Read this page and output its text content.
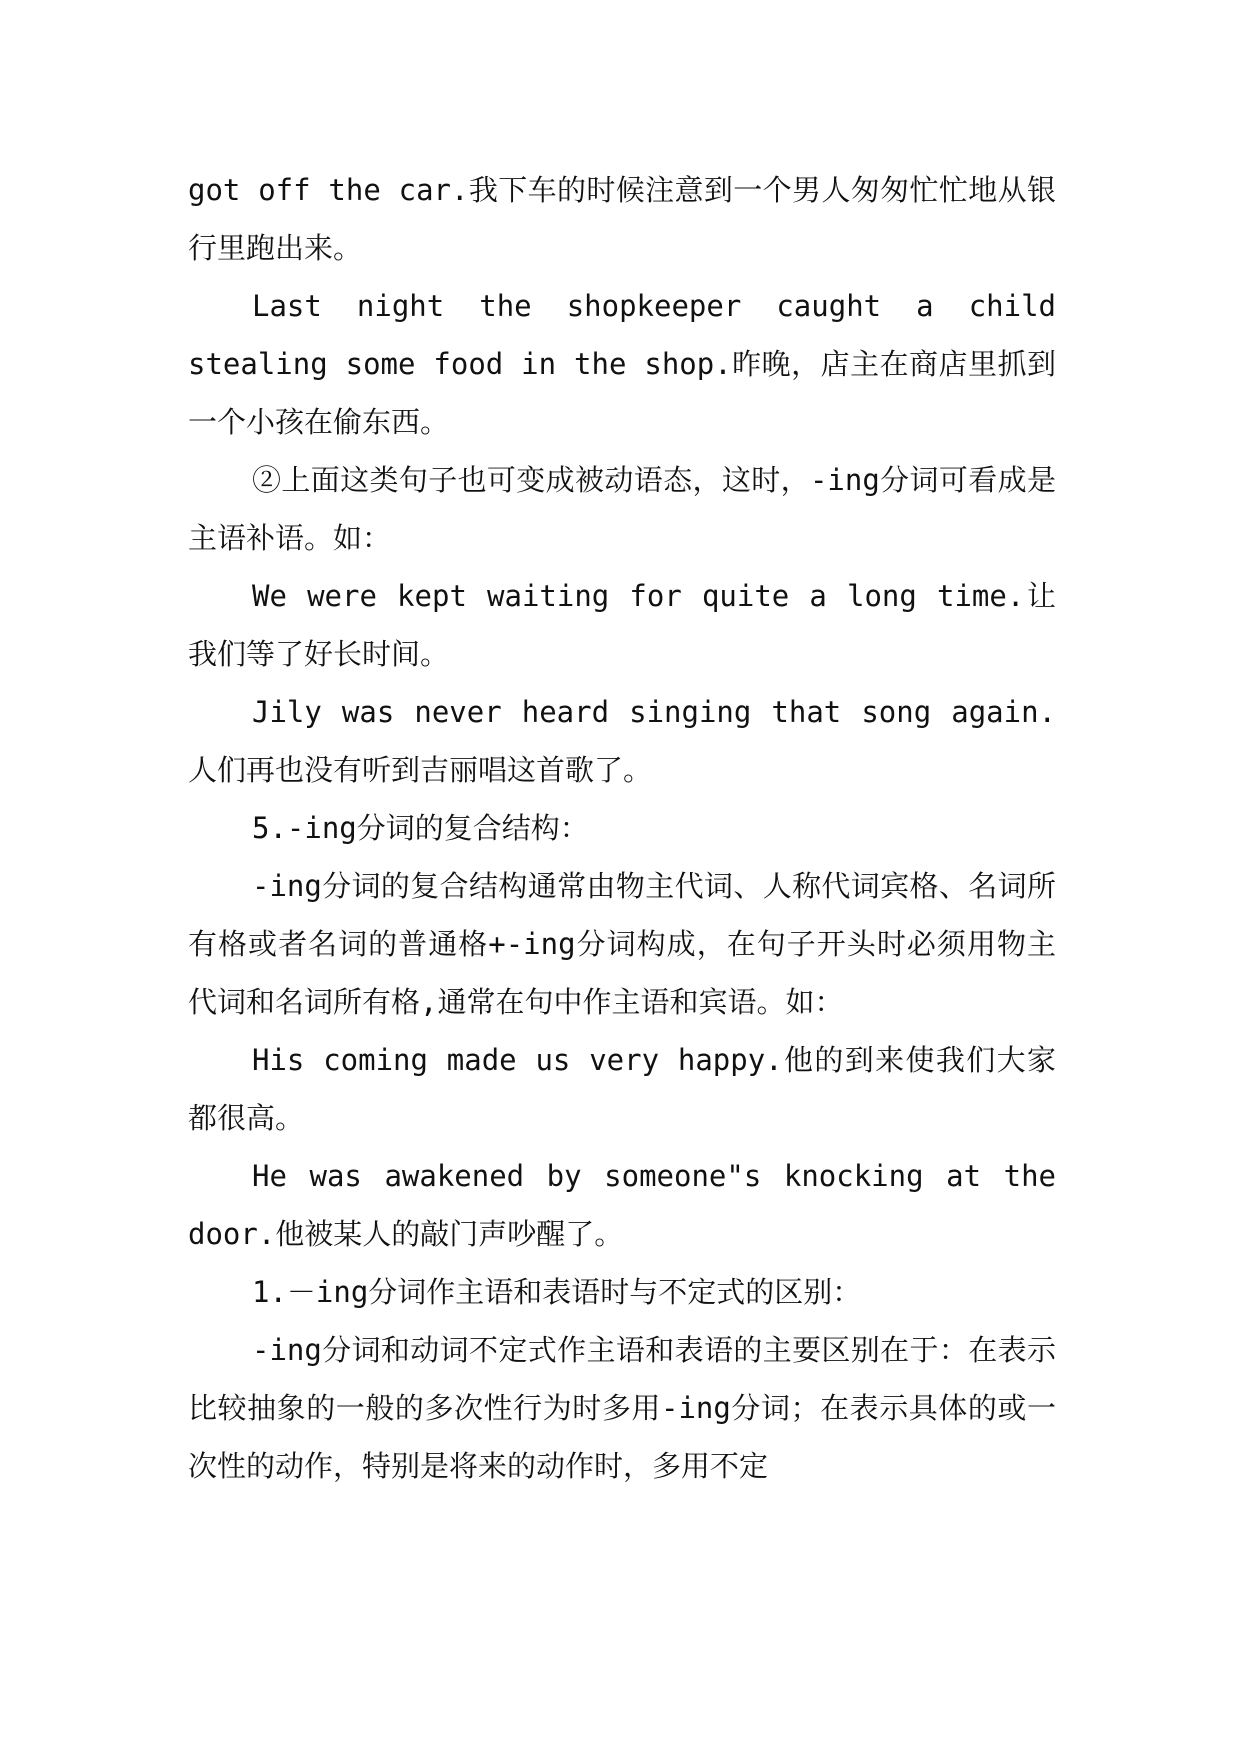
got off the car.我下车的时候注意到一个男人匆匆忙忙地从银行里跑出来。

Last night the shopkeeper caught a child stealing some food in the shop.昨晚，店主在商店里抓到一个小孩在偷东西。

②上面这类句子也可变成被动语态，这时，-ing分词可看成是主语补语。如：

We were kept waiting for quite a long time.让我们等了好长时间。

Jily was never heard singing that song again.人们再也没有听到吉丽唱这首歌了。

5.-ing分词的复合结构：

-ing分词的复合结构通常由物主代词、人称代词宾格、名词所有格或者名词的普通格+-ing分词构成，在句子开头时必须用物主代词和名词所有格,通常在句中作主语和宾语。如：

His coming made us very happy.他的到来使我们大家都很高。

He was awakened by someone"s knocking at the door.他被某人的敲门声吵醒了。

1.－ing分词作主语和表语时与不定式的区别：

-ing分词和动词不定式作主语和表语的主要区别在于：在表示比较抽象的一般的多次性行为时多用-ing分词；在表示具体的或一次性的动作，特别是将来的动作时，多用不定
